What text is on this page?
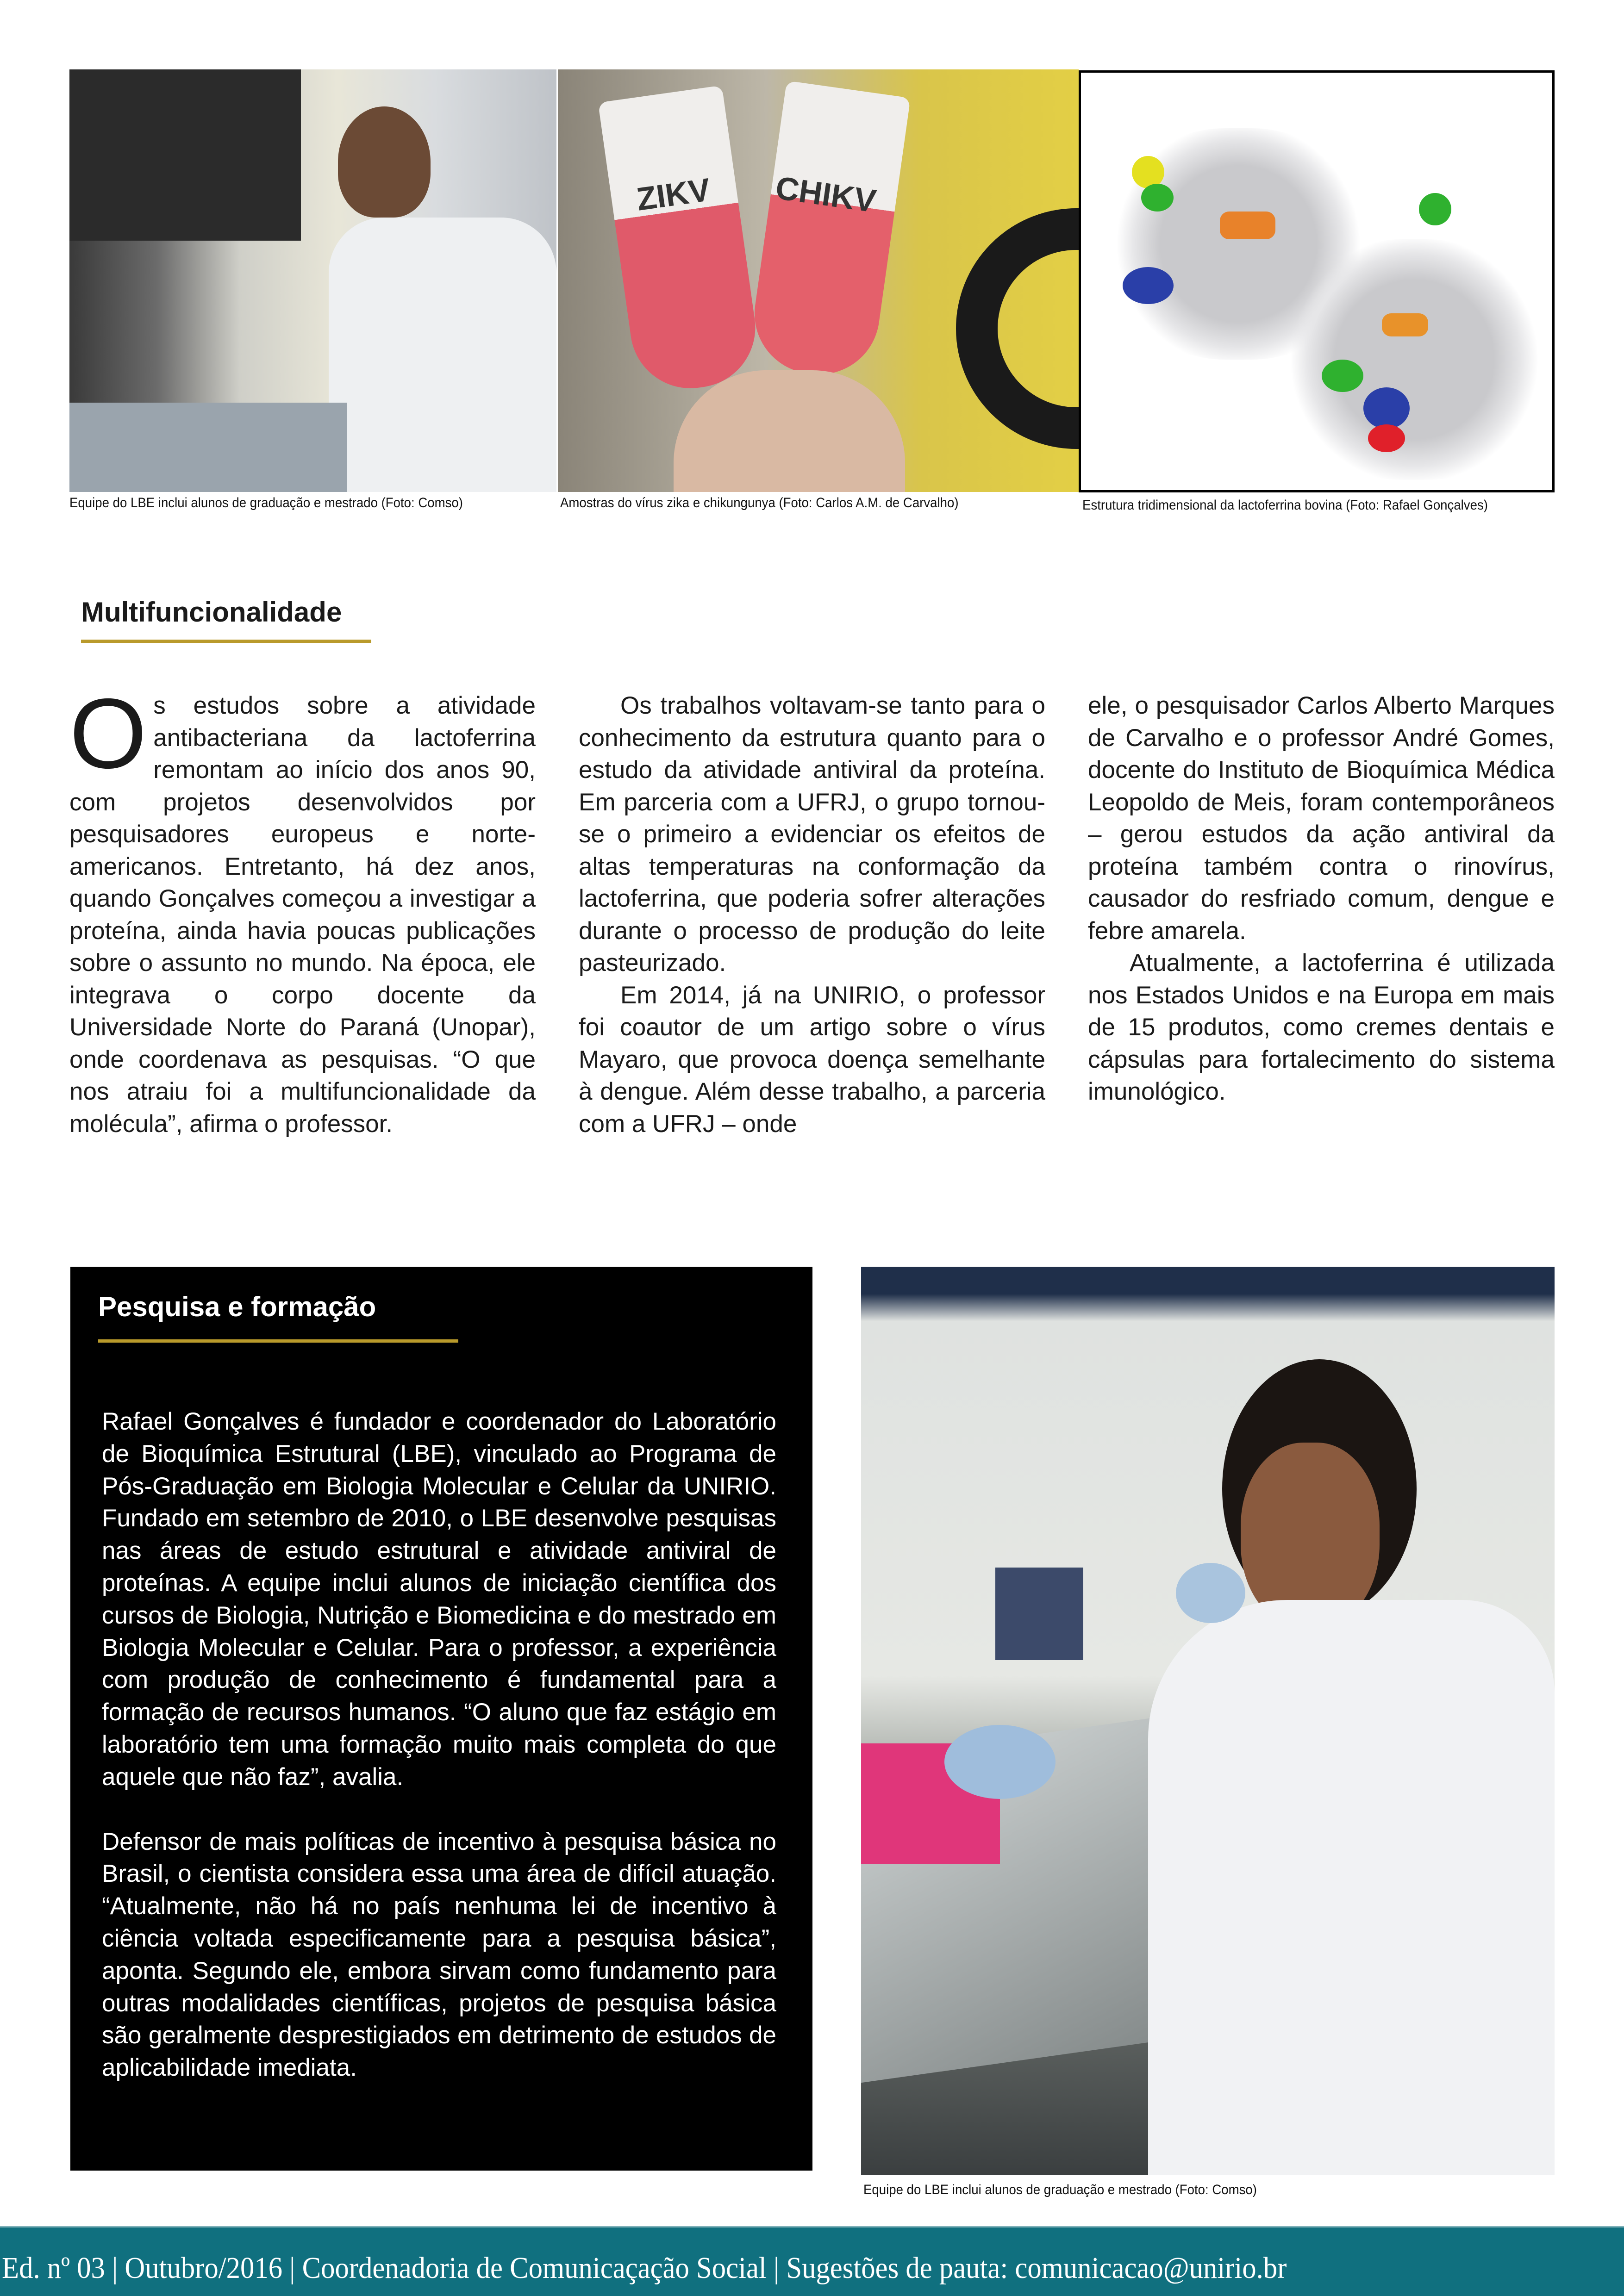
ZIKV CHIKV
Equipe do LBE inclui alunos de graduação e mestrado (Foto: Comso)	Amostras do vírus zika e chikungunya (Foto: Carlos A.M. de Carvalho)	Estrutura tridimensional da lactoferrina bovina (Foto: Rafael Gonçalves)
Multifuncionalidade

Os estudos sobre a atividade antibacteriana da lactoferrina remontam ao início dos anos 90, com projetos desenvolvidos por pesquisadores europeus e norte-americanos. Entretanto, há dez anos, quando Gonçalves começou a investigar a proteína, ainda havia poucas publicações sobre o assunto no mundo. Na época, ele integrava o corpo docente da Universidade Norte do Paraná (Unopar), onde coordenava as pesquisas. “O que nos atraiu foi a multifuncionalidade da molécula”, afirma o professor.

Os trabalhos voltavam-se tanto para o conhecimento da estrutura quanto para o estudo da atividade antiviral da proteína. Em parceria com a UFRJ, o grupo tornou-se o primeiro a evidenciar os efeitos de altas temperaturas na conformação da lactoferrina, que poderia sofrer alterações durante o processo de produção do leite pasteurizado.

Em 2014, já na UNIRIO, o professor foi coautor de um artigo sobre o vírus Mayaro, que provoca doença semelhante à dengue. Além desse trabalho, a parceria com a UFRJ – onde

ele, o pesquisador Carlos Alberto Marques de Carvalho e o professor André Gomes, docente do Instituto de Bioquímica Médica Leopoldo de Meis, foram contemporâneos – gerou estudos da ação antiviral da proteína também contra o rinovírus, causador do resfriado comum, dengue e febre amarela.

Atualmente, a lactoferrina é utilizada nos Estados Unidos e na Europa em mais de 15 produtos, como cremes dentais e cápsulas para fortalecimento do sistema imunológico.

Pesquisa e formação

Rafael Gonçalves é fundador e coordenador do Laboratório de Bioquímica Estrutural (LBE), vinculado ao Programa de Pós-Graduação em Biologia Molecular e Celular da UNIRIO. Fundado em setembro de 2010, o LBE desenvolve pesquisas nas áreas de estudo estrutural e atividade antiviral de proteínas. A equipe inclui alunos de iniciação científica dos cursos de Biologia, Nutrição e Biomedicina e do mestrado em Biologia Molecular e Celular. Para o professor, a experiência com produção de conhecimento é fundamental para a formação de recursos humanos. “O aluno que faz estágio em laboratório tem uma formação muito mais completa do que aquele que não faz”, avalia.

Defensor de mais políticas de incentivo à pesquisa básica no Brasil, o cientista considera essa uma área de difícil atuação. “Atualmente, não há no país nenhuma lei de incentivo à ciência voltada especificamente para a pesquisa básica”, aponta. Segundo ele, embora sirvam como fundamento para outras modalidades científicas, projetos de pesquisa básica são geralmente desprestigiados em detrimento de estudos de aplicabilidade imediata.

Equipe do LBE inclui alunos de graduação e mestrado (Foto: Comso)
Ed. nº 03 | Outubro/2016 | Coordenadoria de Comunicaçação Social | Sugestões de pauta: comunicacao@unirio.br
